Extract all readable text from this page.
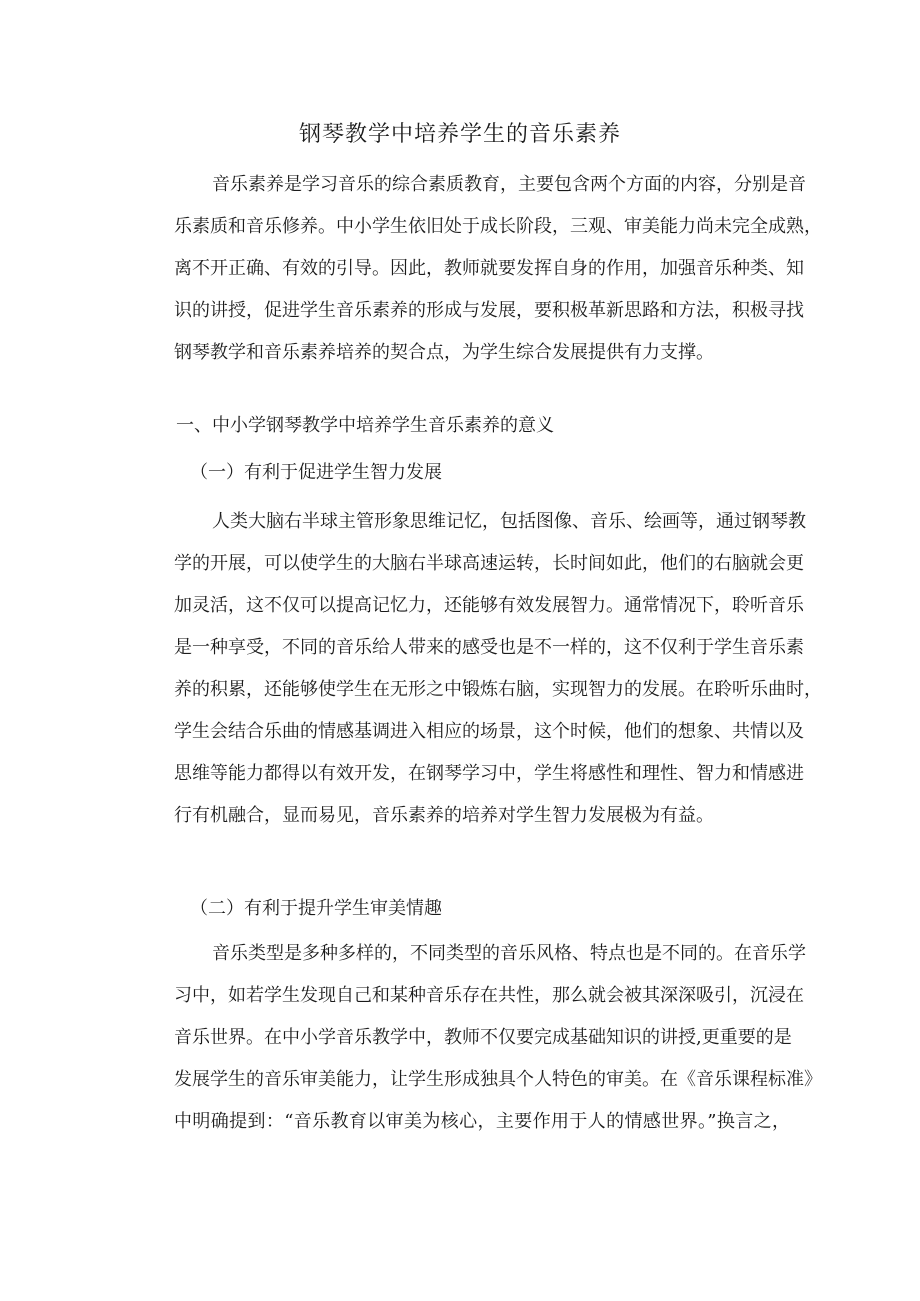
钢琴教学中培养学生的音乐素养

音乐素养是学习音乐的综合素质教育，主要包含两个方面的内容，分别是音
乐素质和音乐修养。中小学生依旧处于成长阶段，三观、审美能力尚未完全成熟，
离不开正确、有效的引导。因此，教师就要发挥自身的作用，加强音乐种类、知
识的讲授，促进学生音乐素养的形成与发展，要积极革新思路和方法，积极寻找
钢琴教学和音乐素养培养的契合点，为学生综合发展提供有力支撑。

一、中小学钢琴教学中培养学生音乐素养的意义
（一）有利于促进学生智力发展

人类大脑右半球主管形象思维记忆，包括图像、音乐、绘画等，通过钢琴教
学的开展，可以使学生的大脑右半球高速运转，长时间如此，他们的右脑就会更
加灵活，这不仅可以提高记忆力，还能够有效发展智力。通常情况下，聆听音乐
是一种享受，不同的音乐给人带来的感受也是不一样的，这不仅利于学生音乐素
养的积累，还能够使学生在无形之中锻炼右脑，实现智力的发展。在聆听乐曲时，
学生会结合乐曲的情感基调进入相应的场景，这个时候，他们的想象、共情以及
思维等能力都得以有效开发，在钢琴学习中，学生将感性和理性、智力和情感进
行有机融合，显而易见，音乐素养的培养对学生智力发展极为有益。

（二）有利于提升学生审美情趣

音乐类型是多种多样的，不同类型的音乐风格、特点也是不同的。在音乐学
习中，如若学生发现自己和某种音乐存在共性，那么就会被其深深吸引，沉浸在
音乐世界。在中小学音乐教学中，教师不仅要完成基础知识的讲授,更重要的是
发展学生的音乐审美能力，让学生形成独具个人特色的审美。在《音乐课程标准》
中明确提到：“音乐教育以审美为核心，主要作用于人的情感世界。”换言之，
